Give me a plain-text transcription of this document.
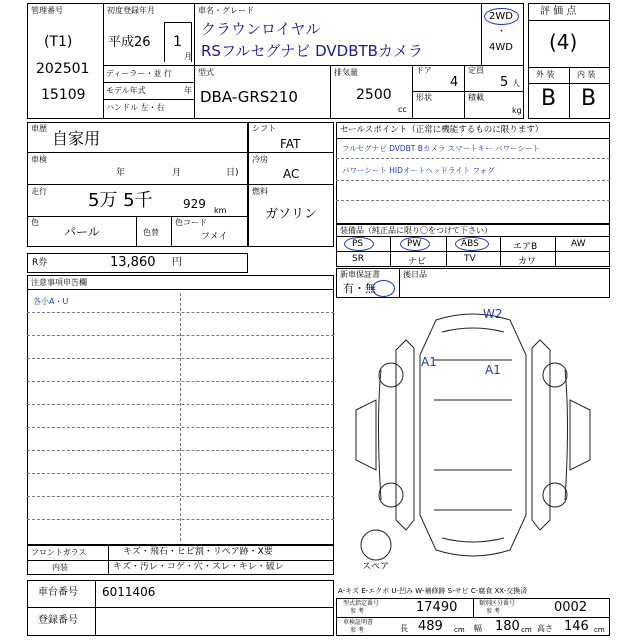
管理番号
(T1)
202501
15109
初度登録年月
平成26 1
月
車名・グレード
クラウンロイヤル
RSフルセグナビ DVDBTBカメラ
2WD
・
4WD
ディーラー・並 行
モデル年式	年
ハンドル 左・右
型式
DBA-GRS210
排気量
2500
cc
ドア
4
定員
5 人
形状	積載
kg
評 価 点
(4)
外 装	内 装
B B
車歴
自家用
車検
年	月	日)
走行 5万 5千	929 km
色
パール	色替
色コード
フメイ
シフト
FAT
冷房
AC
燃料
ガソリン
セールスポイント（正常に機能するものに限ります）
フルセグナビ DVDBT Bカメラ スマートキー パワーシート
パワーシート HIDオートヘッドライト フォグ
装備品（純正品に限り〇をつけて下さい）
PS	PW	ABS	エアB	AW
SR	ナビ	TV	カワ
新車保証書
有・無
後日品
R券	13,860 円
注意事項申告欄
各小A・U
W2
A1
A1
スペア
フロントガラス	キズ・飛石・ヒビ割・リペア跡・X要
内装	キズ・汚レ・コゲ・穴・スレ・キレ・破レ
車台番号 6011406
登録番号
A-キズ E-エクボ U-凹み W-補修跡 S-サビ C-腐食 XX-交換済
型式指定番号
参 考	17490	類別区分番号
参 考	0002
車検証明書
参 考	長 489 cm 幅 180 cm 高さ 146 cm
